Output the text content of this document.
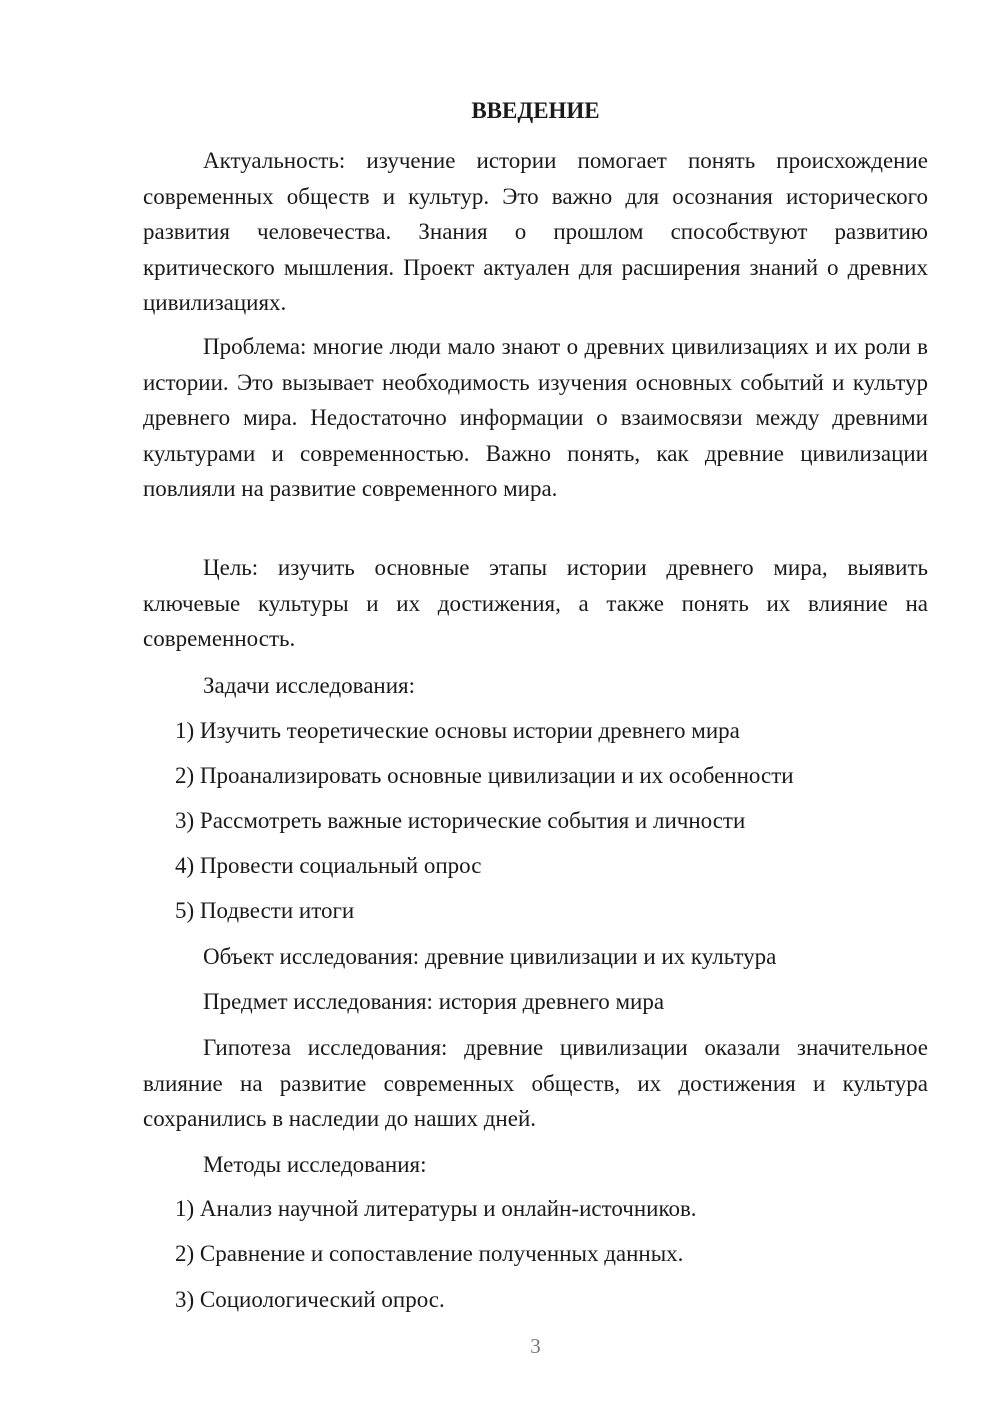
ВВЕДЕНИЕ

Актуальность: изучение истории помогает понять происхождение современных обществ и культур. Это важно для осознания исторического развития человечества. Знания о прошлом способствуют развитию критического мышления. Проект актуален для расширения знаний о древних цивилизациях.

Проблема: многие люди мало знают о древних цивилизациях и их роли в истории. Это вызывает необходимость изучения основных событий и культур древнего мира. Недостаточно информации о взаимосвязи между древними культурами и современностью. Важно понять, как древние цивилизации повлияли на развитие современного мира.

Цель: изучить основные этапы истории древнего мира, выявить ключевые культуры и их достижения, а также понять их влияние на современность.

Задачи исследования:

1) Изучить теоретические основы истории древнего мира

2) Проанализировать основные цивилизации и их особенности

3) Рассмотреть важные исторические события и личности

4) Провести социальный опрос

5) Подвести итоги

Объект исследования: древние цивилизации и их культура

Предмет исследования: история древнего мира

Гипотеза исследования: древние цивилизации оказали значительное влияние на развитие современных обществ, их достижения и культура сохранились в наследии до наших дней.

Методы исследования:

1) Анализ научной литературы и онлайн-источников.

2) Сравнение и сопоставление полученных данных.

3) Социологический опрос.

3
